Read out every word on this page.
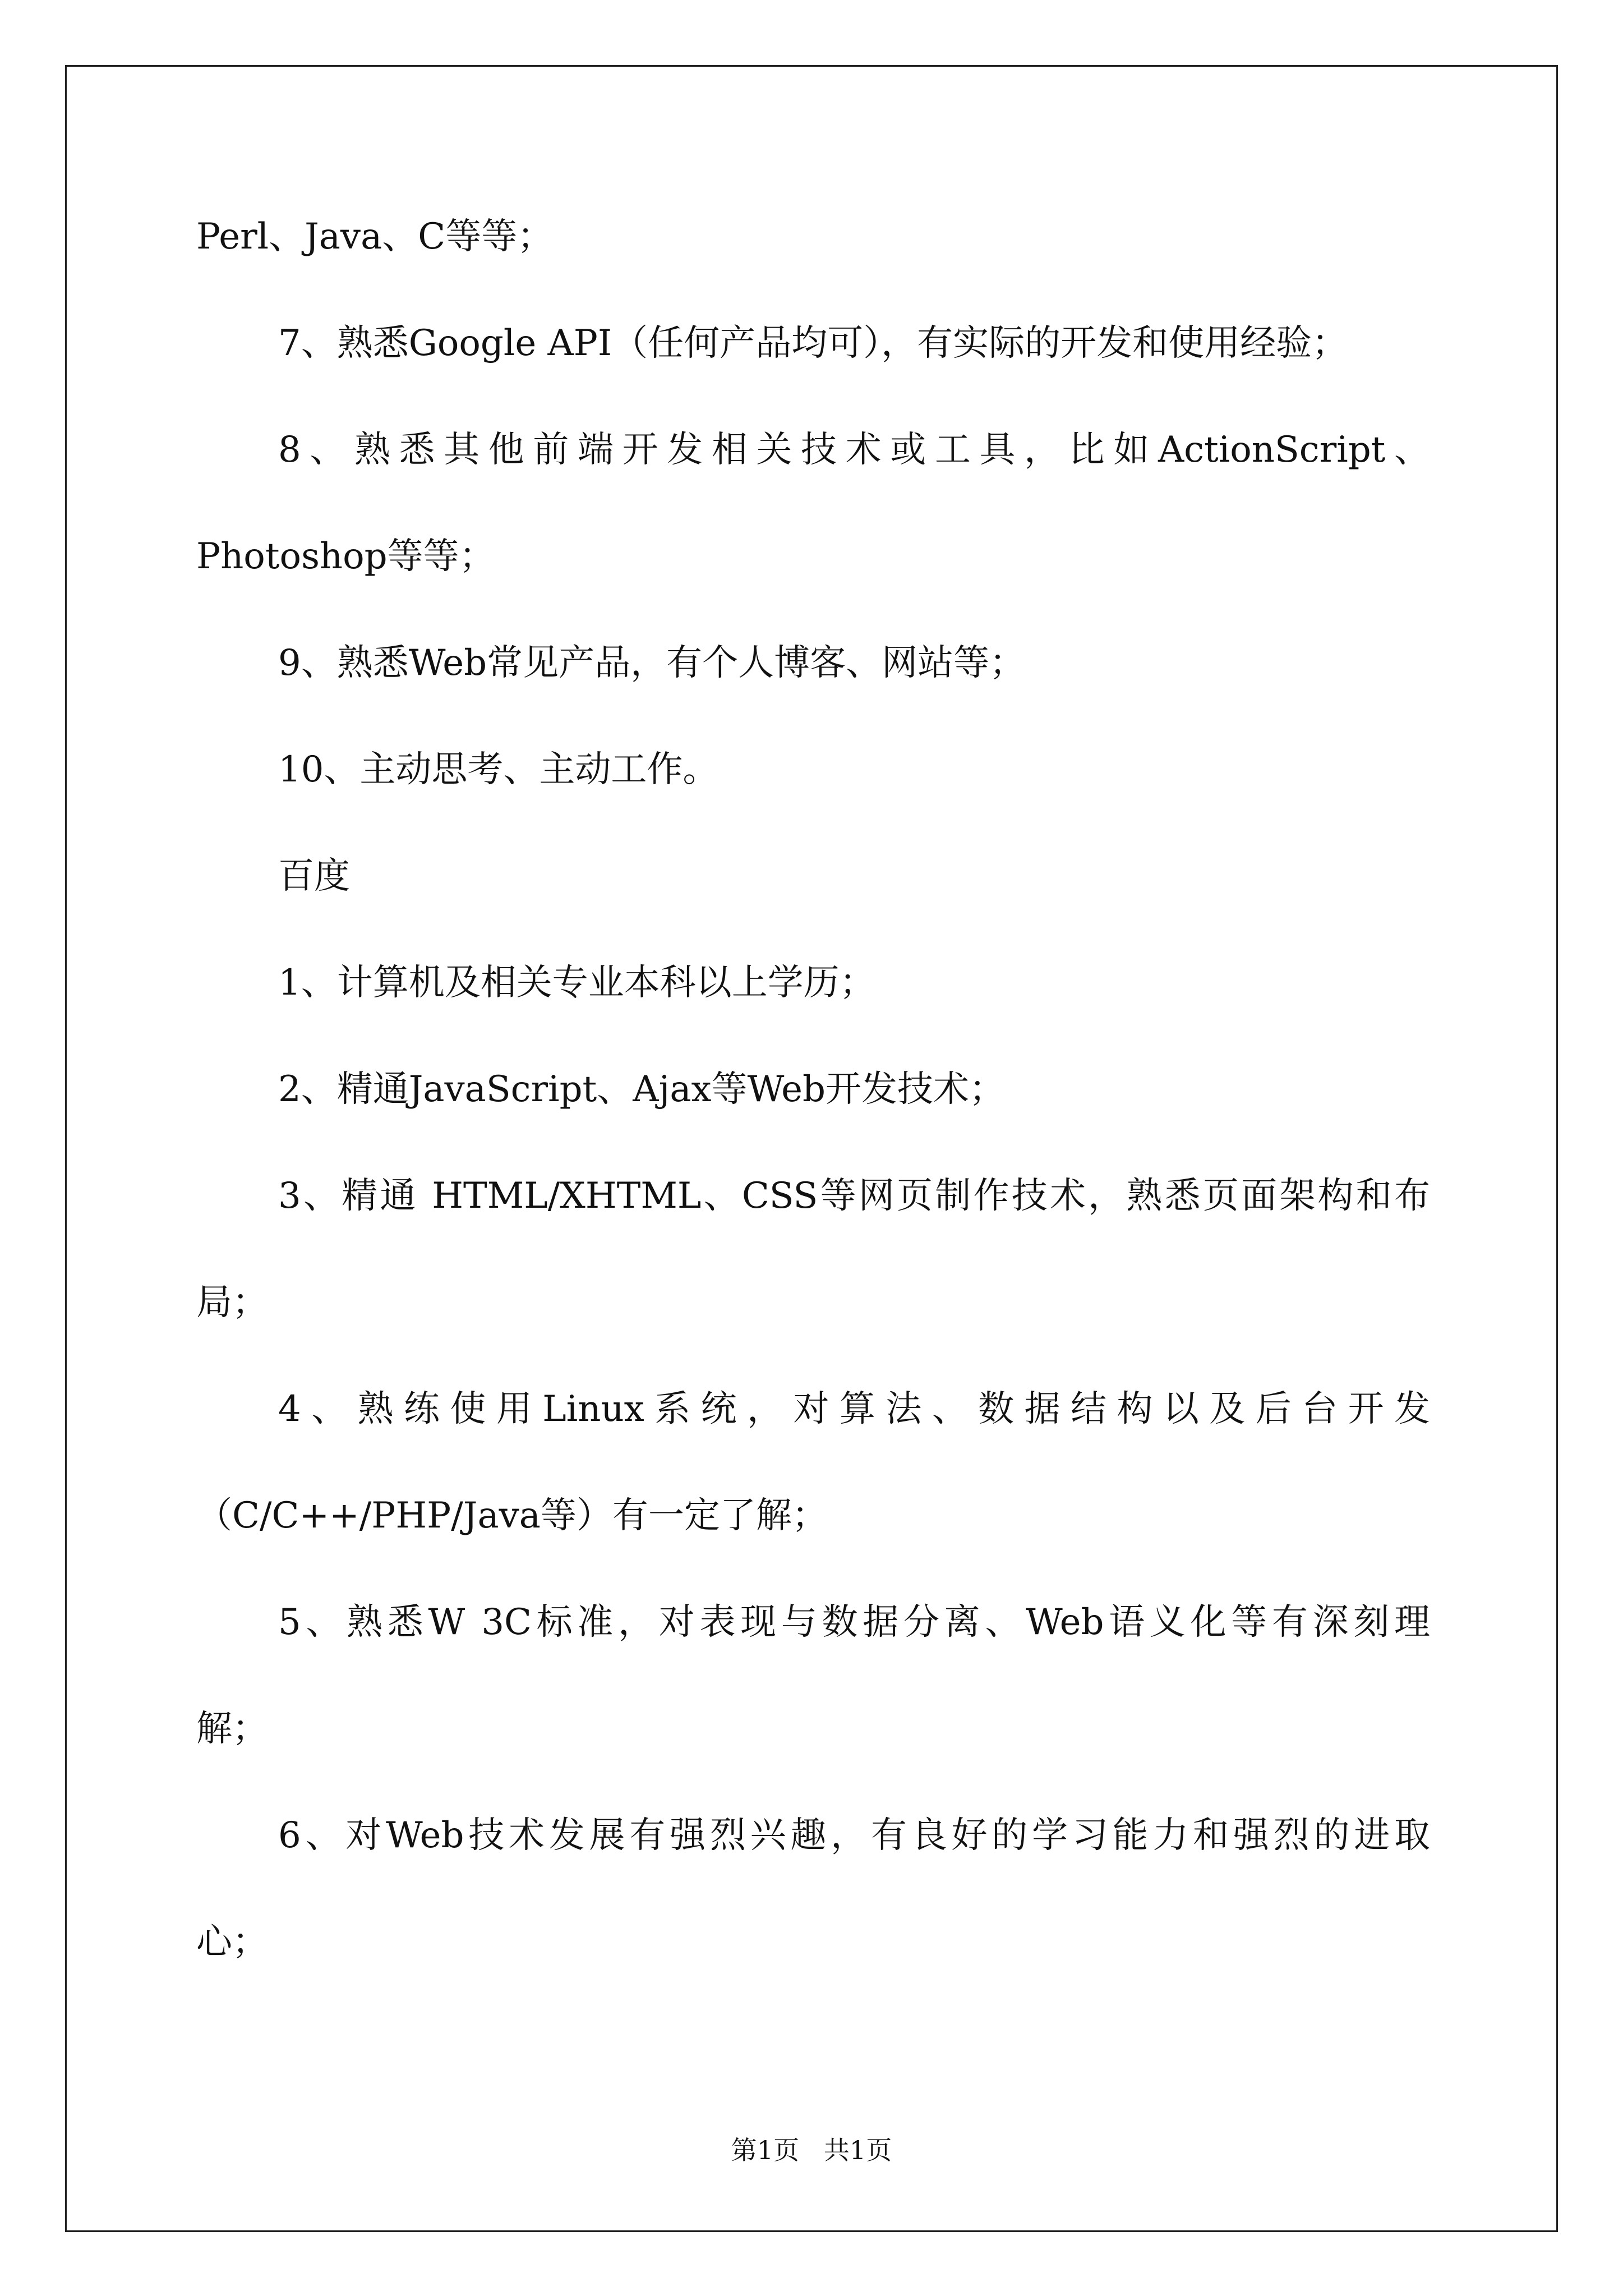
Perl、Java、C等等；
7、熟悉Google API（任何产品均可），有实际的开发和使用经验；
8、熟悉其他前端开发相关技术或工具，比如ActionScript、
Photoshop等等；
9、熟悉Web常见产品，有个人博客、网站等；
10、主动思考、主动工作。
百度
1、计算机及相关专业本科以上学历；
2、精通JavaScript、Ajax等Web开发技术；
3、精通 HTML/XHTML、CSS等网页制作技术，熟悉页面架构和布
局；
4、熟练使用Linux系统，对算法、数据结构以及后台开发
（C/C++/PHP/Java等）有一定了解；
5、熟悉W 3C标准，对表现与数据分离、Web语义化等有深刻理
解；
6、对Web技术发展有强烈兴趣，有良好的学习能力和强烈的进取
心；
第1页   共1页
